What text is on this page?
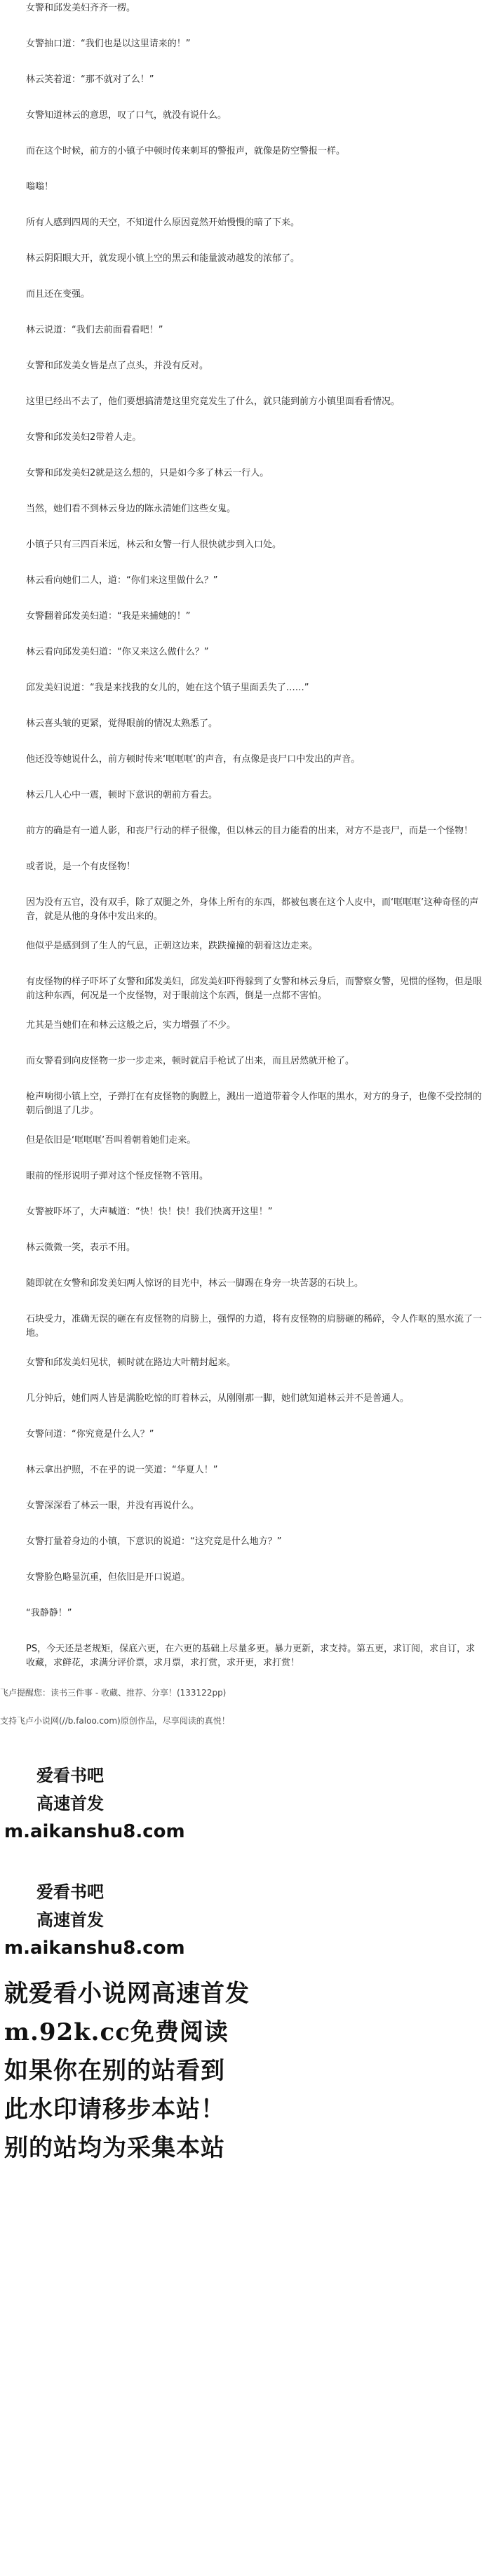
女警和邱发美妇齐齐一楞。

女警抽口道：“我们也是以这里请来的！”

林云笑着道：“那不就对了么！”

女警知道林云的意思，叹了口气，就没有说什么。

而在这个时候，前方的小镇子中顿时传来刺耳的警报声，就像是防空警报一样。

嗡嗡！

所有人感到四周的天空，不知道什么原因竟然开始慢慢的暗了下来。

林云阴阳眼大开，就发现小镇上空的黑云和能量波动越发的浓郁了。

而且还在变强。

林云说道：“我们去前面看看吧！”

女警和邱发美女皆是点了点头，并没有反对。

这里已经出不去了，他们要想搞清楚这里究竟发生了什么，就只能到前方小镇里面看看情况。

女警和邱发美妇2带着人走。

女警和邱发美妇2就是这么想的，只是如今多了林云一行人。

当然，她们看不到林云身边的陈永清她们这些女鬼。

小镇子只有三四百米远，林云和女警一行人很快就步到入口处。

林云看向她们二人，道：“你们来这里做什么？”

女警翻着邱发美妇道：“我是来捕她的！”

林云看向邱发美妇道：“你又来这么做什么？”

邱发美妇说道：“我是来找我的女儿的，她在这个镇子里面丢失了……”

林云喜头皱的更紧，觉得眼前的情况太熟悉了。

他还没等她说什么，前方顿时传来‘哐哐哐’的声音，有点像是丧尸口中发出的声音。

林云几人心中一震，顿时下意识的朝前方看去。

前方的确是有一道人影，和丧尸行动的样子很像，但以林云的目力能看的出来，对方不是丧尸，而是一个怪物！

或者说，是一个有皮怪物！

因为没有五官，没有双手，除了双腿之外，身体上所有的东西，都被包裹在这个人皮中，而‘哐哐哐’这种奇怪的声音，就是从他的身体中发出来的。

他似乎是感到到了生人的气息，正朝这边来，跌跌撞撞的朝着这边走来。

有皮怪物的样子吓坏了女警和邱发美妇，邱发美妇吓得躲到了女警和林云身后，而警察女警，见惯的怪物，但是眼前这种东西，何况是一个皮怪物，对于眼前这个东西，倒是一点都不害怕。

尤其是当她们在和林云这般之后，实力增强了不少。

而女警看到向皮怪物一步一步走来，顿时就启手枪试了出来，而且居然就开枪了。

枪声响彻小镇上空，子弹打在有皮怪物的胸膛上，溅出一道道带着令人作呕的黑水，对方的身子，也像不受控制的朝后倒退了几步。

但是依旧是‘哐哐哐’吾叫着朝着她们走来。

眼前的怪形说明子弹对这个怪皮怪物不管用。

女警被吓坏了，大声喊道：“快！快！快！我们快离开这里！”

林云微微一笑，表示不用。

随即就在女警和邱发美妇两人惊讶的目光中，林云一脚踢在身旁一块苦瑟的石块上。

石块受力，准确无误的砸在有皮怪物的肩膀上，强悍的力道，将有皮怪物的肩膀砸的稀碎，令人作呕的黑水流了一地。

女警和邱发美妇见状，顿时就在路边大叶精封起来。

几分钟后，她们两人皆是满脸吃惊的盯着林云，从刚刚那一脚，她们就知道林云并不是普通人。

女警问道：“你究竟是什么人？”

林云拿出护照，不在乎的说一笑道：“华夏人！”

女警深深看了林云一眼，并没有再说什么。

女警打量着身边的小镇，下意识的说道：“这究竟是什么地方？”

女警脸色略显沉重，但依旧是开口说道。

“我静静！”

PS，今天还是老规矩，保底六更，在六更的基础上尽量多更。暴力更新，求支持。第五更，求订阅，求自订，求收藏，求鲜花，求满分评价票，求月票，求打赏，求开更，求打赏！

飞卢提醒您：读书三件事 - 收藏、推荐、分享！(133122pp)
支持飞卢小说网(//b.faloo.com)原创作品，尽享阅读的真悦！
爱看书吧
高速首发
m.aikanshu8.com
爱看书吧
高速首发
m.aikanshu8.com
就爱看小说网高速首发
m.92k.cc免费阅读
如果你在别的站看到
此水印请移步本站！
别的站均为采集本站
